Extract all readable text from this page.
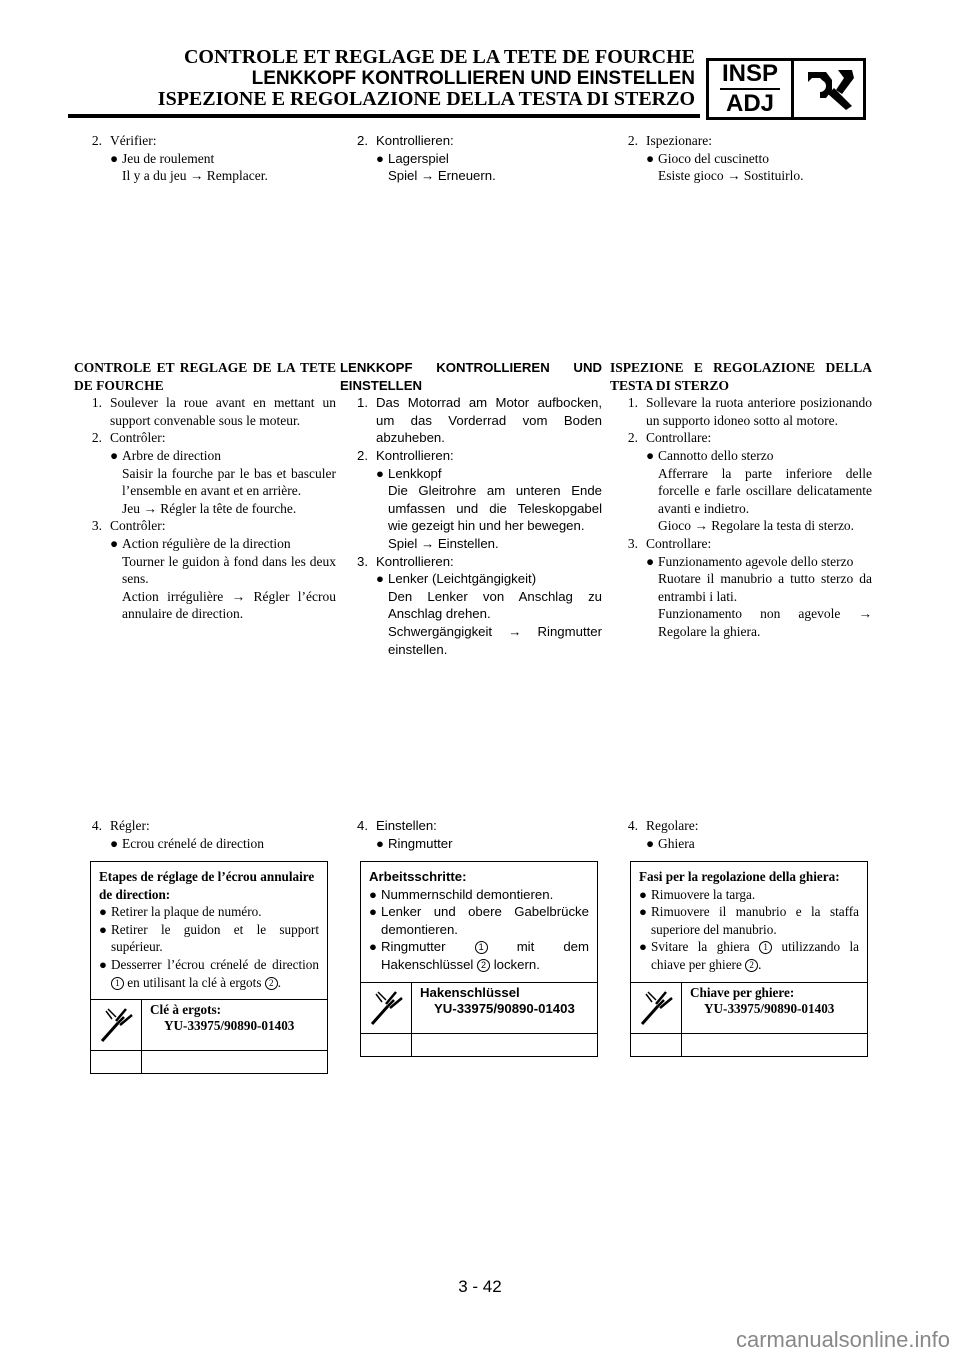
CONTROLE ET REGLAGE DE LA TETE DE FOURCHE
LENKKOPF KONTROLLIEREN UND EINSTELLEN
ISPEZIONE E REGOLAZIONE DELLA TESTA DI STERZO
INSP
ADJ
2. Vérifier:
● Jeu de roulement
Il y a du jeu → Remplacer.
CONTROLE ET REGLAGE DE LA TETE DE FOURCHE
1. Soulever la roue avant en mettant un support convenable sous le moteur.
2. Contrôler:
● Arbre de direction
Saisir la fourche par le bas et basculer l’ensemble en avant et en arrière.
Jeu → Régler la tête de fourche.
3. Contrôler:
● Action régulière de la direction
Tourner le guidon à fond dans les deux sens.
Action irrégulière → Régler l’écrou annulaire de direction.
4. Régler:
● Ecrou crénelé de direction
Etapes de réglage de l’écrou annulaire de direction:
● Retirer la plaque de numéro.
● Retirer le guidon et le support supérieur.
● Desserrer l’écrou crénelé de direction 1 en utilisant la clé à ergots 2 .
Clé à ergots:
YU-33975/90890-01403
2. Kontrollieren:
● Lagerspiel
Spiel → Erneuern.
LENKKOPF KONTROLLIEREN UND EINSTELLEN
1. Das Motorrad am Motor aufbocken, um das Vorderrad vom Boden abzuheben.
2. Kontrollieren:
● Lenkkopf
Die Gleitrohre am unteren Ende umfassen und die Teleskopgabel wie gezeigt hin und her bewegen.
Spiel → Einstellen.
3. Kontrollieren:
● Lenker (Leichtgängigkeit)
Den Lenker von Anschlag zu Anschlag drehen.
Schwergängigkeit → Ringmutter einstellen.
4. Einstellen:
● Ringmutter
Arbeitsschritte:
● Nummernschild demontieren.
● Lenker und obere Gabelbrücke demontieren.
● Ringmutter	1	mit dem Hakenschlüssel 2 lockern.
Hakenschlüssel
YU-33975/90890-01403
2. Ispezionare:
● Gioco del cuscinetto
Esiste gioco → Sostituirlo.
ISPEZIONE E REGOLAZIONE DELLA TESTA DI STERZO
1. Sollevare la ruota anteriore posizionando un supporto idoneo sotto al motore.
2. Controllare:
● Cannotto dello sterzo
Afferrare la parte inferiore delle forcelle e farle oscillare delicatamente avanti e indietro.
Gioco → Regolare la testa di sterzo.
3. Controllare:
● Funzionamento agevole dello sterzo
Ruotare il manubrio a tutto sterzo da entrambi i lati.
Funzionamento non agevole → Regolare la ghiera.
4. Regolare:
● Ghiera
Fasi per la regolazione della ghiera:
● Rimuovere la targa.
● Rimuovere il manubrio e la staffa superiore del manubrio.
● Svitare la ghiera 1 utilizzando la chiave per ghiere 2 .
Chiave per ghiere:
YU-33975/90890-01403
3 - 42
carmanualsonline.info
